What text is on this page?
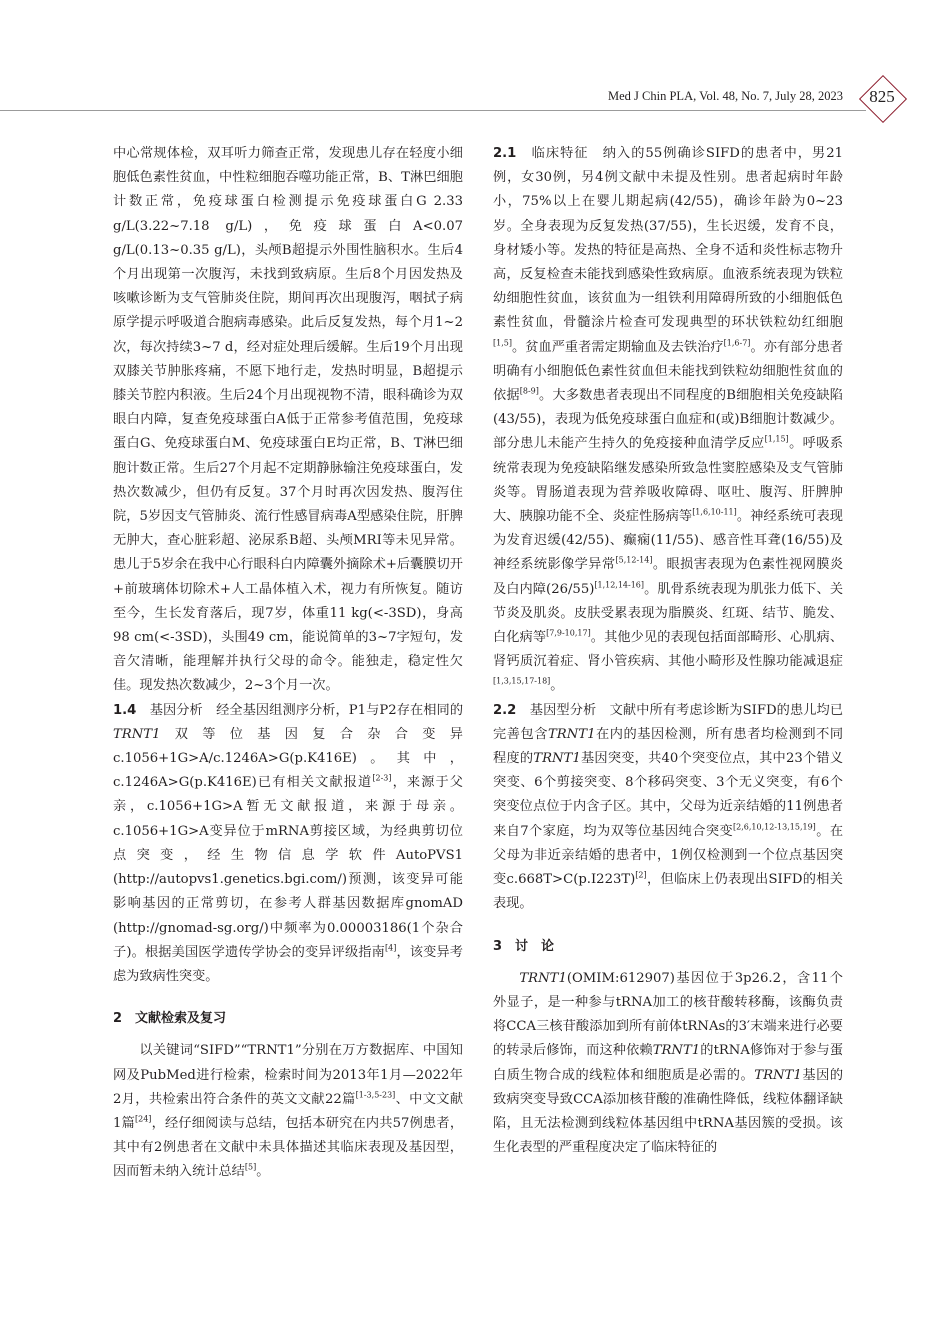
Med J Chin PLA, Vol. 48, No. 7, July 28, 2023	825

中心常规体检，双耳听力筛查正常，发现患儿存在轻度小细胞低色素性贫血，中性粒细胞吞噬功能正常，B、T淋巴细胞计数正常，免疫球蛋白检测提示免疫球蛋白G 2.33 g/L(3.22~7.18 g/L)，免疫球蛋白A<0.07 g/L(0.13~0.35 g/L)，头颅B超提示外围性脑积水。生后4个月出现第一次腹泻，未找到致病原。生后8个月因发热及咳嗽诊断为支气管肺炎住院，期间再次出现腹泻，咽拭子病原学提示呼吸道合胞病毒感染。此后反复发热，每个月1~2次，每次持续3~7 d，经对症处理后缓解。生后19个月出现双膝关节肿胀疼痛，不愿下地行走，发热时明显，B超提示膝关节腔内积液。生后24个月出现视物不清，眼科确诊为双眼白内障，复查免疫球蛋白A低于正常参考值范围，免疫球蛋白G、免疫球蛋白M、免疫球蛋白E均正常，B、T淋巴细胞计数正常。生后27个月起不定期静脉输注免疫球蛋白，发热次数减少，但仍有反复。37个月时再次因发热、腹泻住院，5岁因支气管肺炎、流行性感冒病毒A型感染住院，肝脾无肿大，查心脏彩超、泌尿系B超、头颅MRI等未见异常。患儿于5岁余在我中心行眼科白内障囊外摘除术+后囊膜切开+前玻璃体切除术+人工晶体植入术，视力有所恢复。随访至今，生长发育落后，现7岁，体重11 kg(<-3SD)，身高98 cm(<-3SD)，头围49 cm，能说简单的3~7字短句，发音欠清晰，能理解并执行父母的命令。能独走，稳定性欠佳。现发热次数减少，2~3个月一次。

1.4　 基因分析　 经全基因组测序分析，P1与P2存在相同的TRNT1双等位基因复合杂合变异c.1056+1G>A/c.1246A>G(p.K416E)。其中，c.1246A>G(p.K416E)已有相关文献报道[2-3]，来源于父亲，c.1056+1G>A暂无文献报道，来源于母亲。c.1056+1G>A变异位于mRNA剪接区域，为经典剪切位点突变，经生物信息学软件AutoPVS1 (http://autopvs1.genetics.bgi.com/)预测，该变异可能影响基因的正常剪切，在参考人群基因数据库gnomAD (http://gnomad-sg.org/)中频率为0.00003186(1个杂合子)。根据美国医学遗传学协会的变异评级指南[4]，该变异考虑为致病性突变。

2　文献检索及复习

以关键词“SIFD”“TRNT1”分别在万方数据库、中国知网及PubMed进行检索，检索时间为2013年1月—2022年2月，共检索出符合条件的英文文献22篇[1-3,5-23]、中文文献1篇[24]，经仔细阅读与总结，包括本研究在内共57例患者，其中有2例患者在文献中未具体描述其临床表现及基因型，因而暂未纳入统计总结[5]。

2.1　 临床特征　 纳入的55例确诊SIFD的患者中，男21例，女30例，另4例文献中未提及性别。患者起病时年龄小，75%以上在婴儿期起病(42/55)，确诊年龄为0~23岁。全身表现为反复发热(37/55)，生长迟缓，发育不良，身材矮小等。发热的特征是高热、全身不适和炎性标志物升高，反复检查未能找到感染性致病原。血液系统表现为铁粒幼细胞性贫血，该贫血为一组铁利用障碍所致的小细胞低色素性贫血，骨髓涂片检查可发现典型的环状铁粒幼红细胞[1,5]。贫血严重者需定期输血及去铁治疗[1,6-7]。亦有部分患者明确有小细胞低色素性贫血但未能找到铁粒幼细胞性贫血的依据[8-9]。大多数患者表现出不同程度的B细胞相关免疫缺陷(43/55)，表现为低免疫球蛋白血症和(或)B细胞计数减少。部分患儿未能产生持久的免疫接种血清学反应[1,15]。呼吸系统常表现为免疫缺陷继发感染所致急性窦腔感染及支气管肺炎等。胃肠道表现为营养吸收障碍、呕吐、腹泻、肝脾肿大、胰腺功能不全、炎症性肠病等[1,6,10-11]。神经系统可表现为发育迟缓(42/55)、癫痫(11/55)、感音性耳聋(16/55)及神经系统影像学异常[5,12-14]。眼损害表现为色素性视网膜炎及白内障(26/55)[1,12,14-16]。肌骨系统表现为肌张力低下、关节炎及肌炎。皮肤受累表现为脂膜炎、红斑、结节、脆发、白化病等[7,9-10,17]。其他少见的表现包括面部畸形、心肌病、肾钙质沉着症、肾小管疾病、其他小畸形及性腺功能减退症[1,3,15,17-18]。

2.2　 基因型分析　 文献中所有考虑诊断为SIFD的患儿均已完善包含TRNT1在内的基因检测，所有患者均检测到不同程度的TRNT1基因突变，共40个突变位点，其中23个错义突变、6个剪接突变、8个移码突变、3个无义突变，有6个突变位点位于内含子区。其中，父母为近亲结婚的11例患者来自7个家庭，均为双等位基因纯合突变[2,6,10,12-13,15,19]。在父母为非近亲结婚的患者中，1例仅检测到一个位点基因突变c.668T>C(p.I223T)[2]，但临床上仍表现出SIFD的相关表现。

3　讨　论

TRNT1(OMIM:612907)基因位于3p26.2，含11个外显子，是一种参与tRNA加工的核苷酸转移酶，该酶负责将CCA三核苷酸添加到所有前体tRNAs的3′末端来进行必要的转录后修饰，而这种依赖TRNT1的tRNA修饰对于参与蛋白质生物合成的线粒体和细胞质是必需的。TRNT1基因的致病突变导致CCA添加核苷酸的准确性降低，线粒体翻译缺陷，且无法检测到线粒体基因组中tRNA基因簇的受损。该生化表型的严重程度决定了临床特征的
